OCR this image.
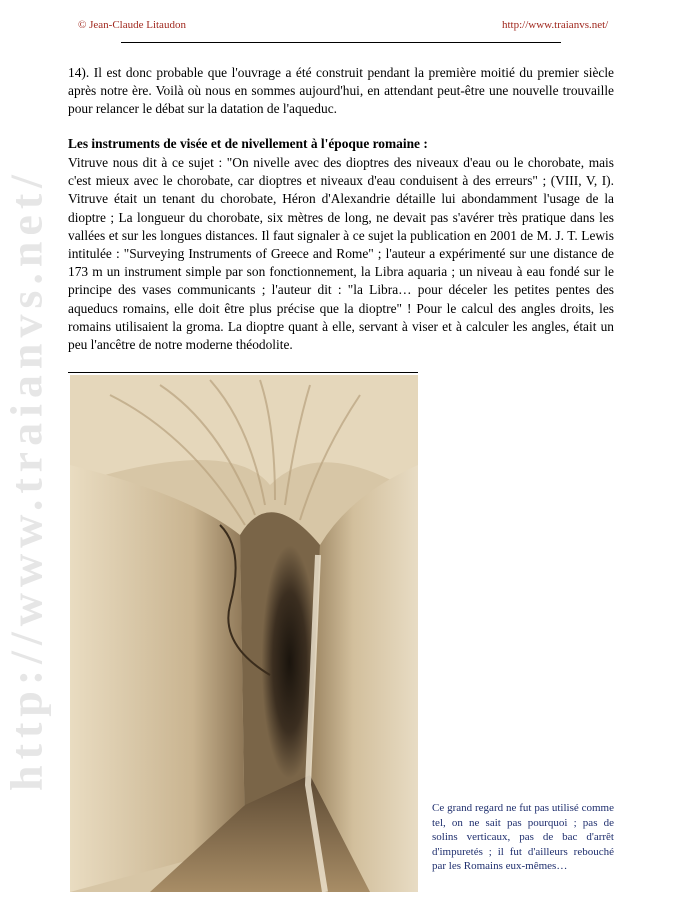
© Jean-Claude Litaudon	http://www.traianvs.net/
http://www.traianvs.net/
14). Il est donc probable que l'ouvrage a été construit pendant la première moitié du premier siècle après notre ère. Voilà où nous en sommes aujourd'hui, en attendant peut-être une nouvelle trouvaille pour relancer le débat sur la datation de l'aqueduc.
Les instruments de visée et de nivellement à l'époque romaine :
Vitruve nous dit à ce sujet : "On nivelle avec des dioptres des niveaux d'eau ou le chorobate, mais c'est mieux avec le chorobate, car dioptres et niveaux d'eau conduisent à des erreurs" ; (VIII, V, I). Vitruve était un tenant du chorobate, Héron d'Alexandrie détaille lui abondamment l'usage de la dioptre ; La longueur du chorobate, six mètres de long, ne devait pas s'avérer très pratique dans les vallées et sur les longues distances. Il faut signaler à ce sujet la publication en 2001 de M. J. T. Lewis intitulée : "Surveying Instruments of Greece and Rome" ; l'auteur a expérimenté sur une distance de 173 m un instrument simple par son fonctionnement, la Libra aquaria ; un niveau à eau fondé sur le principe des vases communicants ; l'auteur dit : "la Libra… pour déceler les petites pentes des aqueducs romains, elle doit être plus précise que la dioptre" ! Pour le calcul des angles droits, les romains utilisaient la groma. La dioptre quant à elle, servant à viser et à calculer les angles, était un peu l'ancêtre de notre moderne théodolite.
Ce grand regard ne fut pas utilisé comme tel, on ne sait pas pourquoi ; pas de solins verticaux, pas de bac d'arrêt d'impuretés ; il fut d'ailleurs rebouché par les Romains eux-mêmes…
